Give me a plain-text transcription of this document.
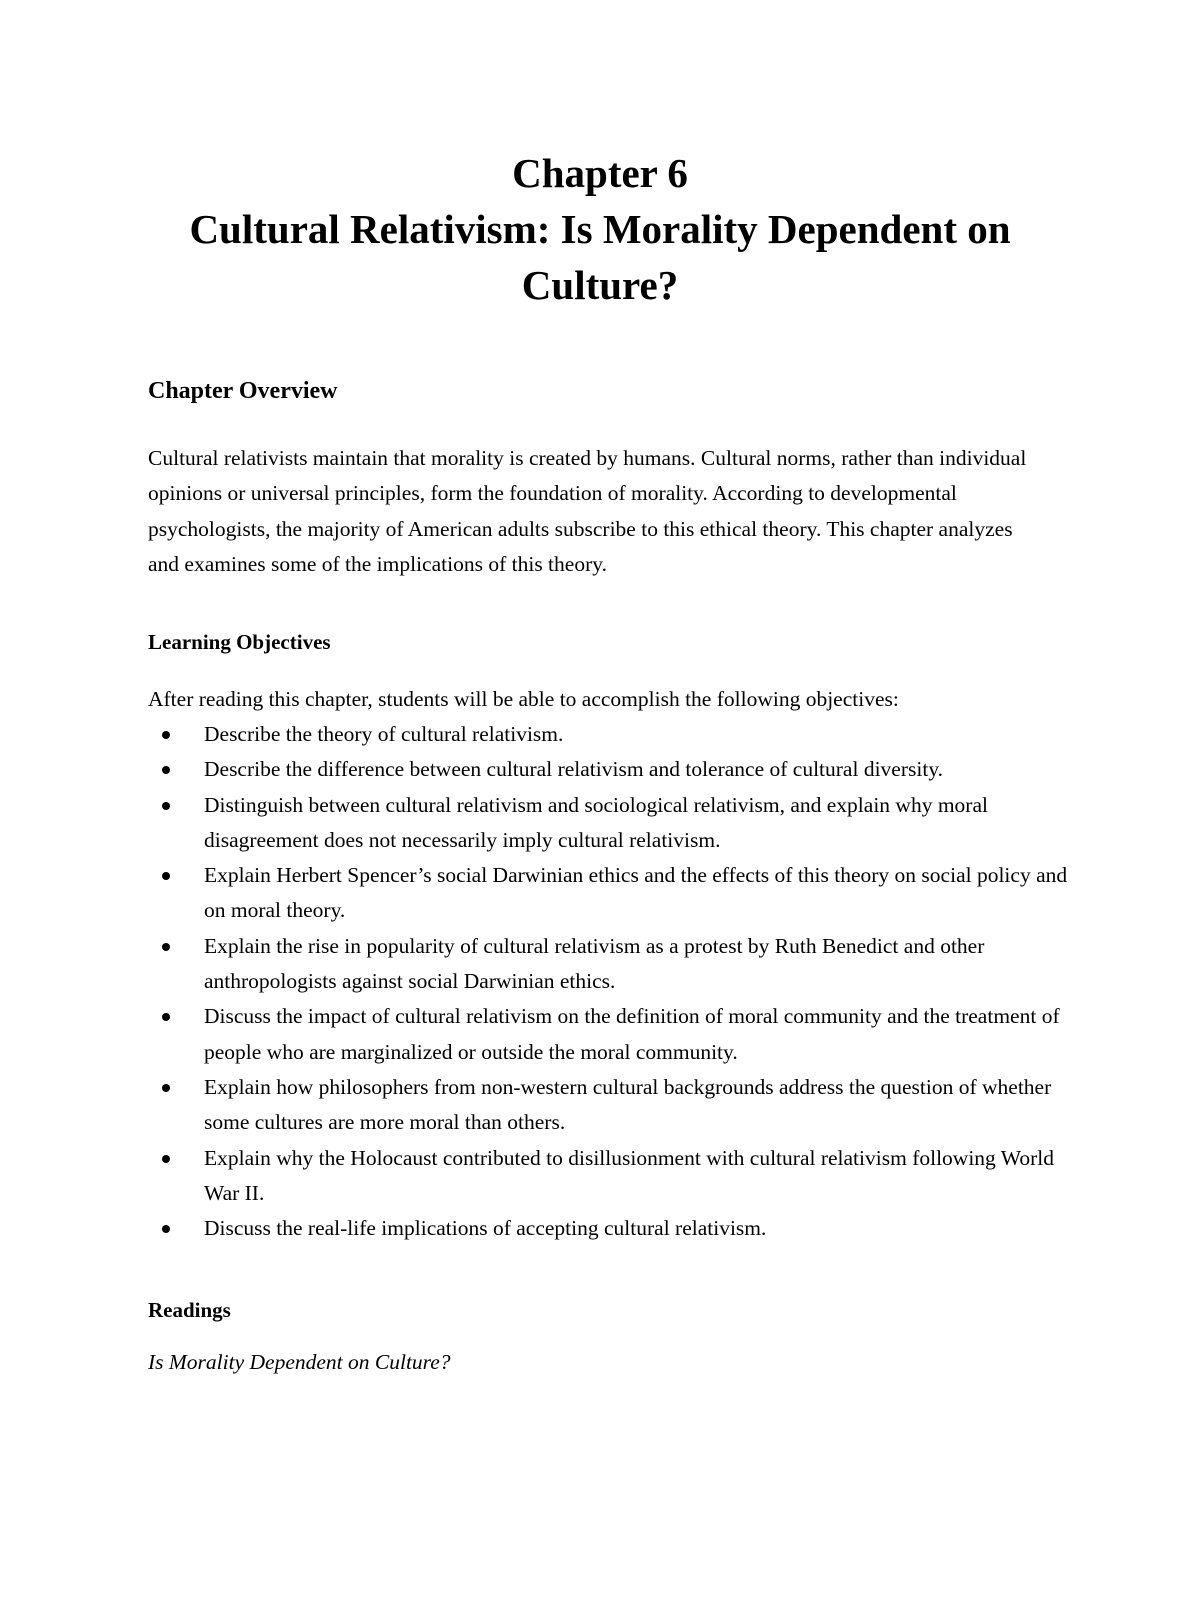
Chapter 6
Cultural Relativism: Is Morality Dependent on
Culture?
Chapter Overview
Cultural relativists maintain that morality is created by humans. Cultural norms, rather than individual opinions or universal principles, form the foundation of morality. According to developmental psychologists, the majority of American adults subscribe to this ethical theory. This chapter analyzes and examines some of the implications of this theory.
Learning Objectives
After reading this chapter, students will be able to accomplish the following objectives:
Describe the theory of cultural relativism.
Describe the difference between cultural relativism and tolerance of cultural diversity.
Distinguish between cultural relativism and sociological relativism, and explain why moral disagreement does not necessarily imply cultural relativism.
Explain Herbert Spencer’s social Darwinian ethics and the effects of this theory on social policy and on moral theory.
Explain the rise in popularity of cultural relativism as a protest by Ruth Benedict and other anthropologists against social Darwinian ethics.
Discuss the impact of cultural relativism on the definition of moral community and the treatment of people who are marginalized or outside the moral community.
Explain how philosophers from non-western cultural backgrounds address the question of whether some cultures are more moral than others.
Explain why the Holocaust contributed to disillusionment with cultural relativism following World War II.
Discuss the real-life implications of accepting cultural relativism.
Readings
Is Morality Dependent on Culture?
